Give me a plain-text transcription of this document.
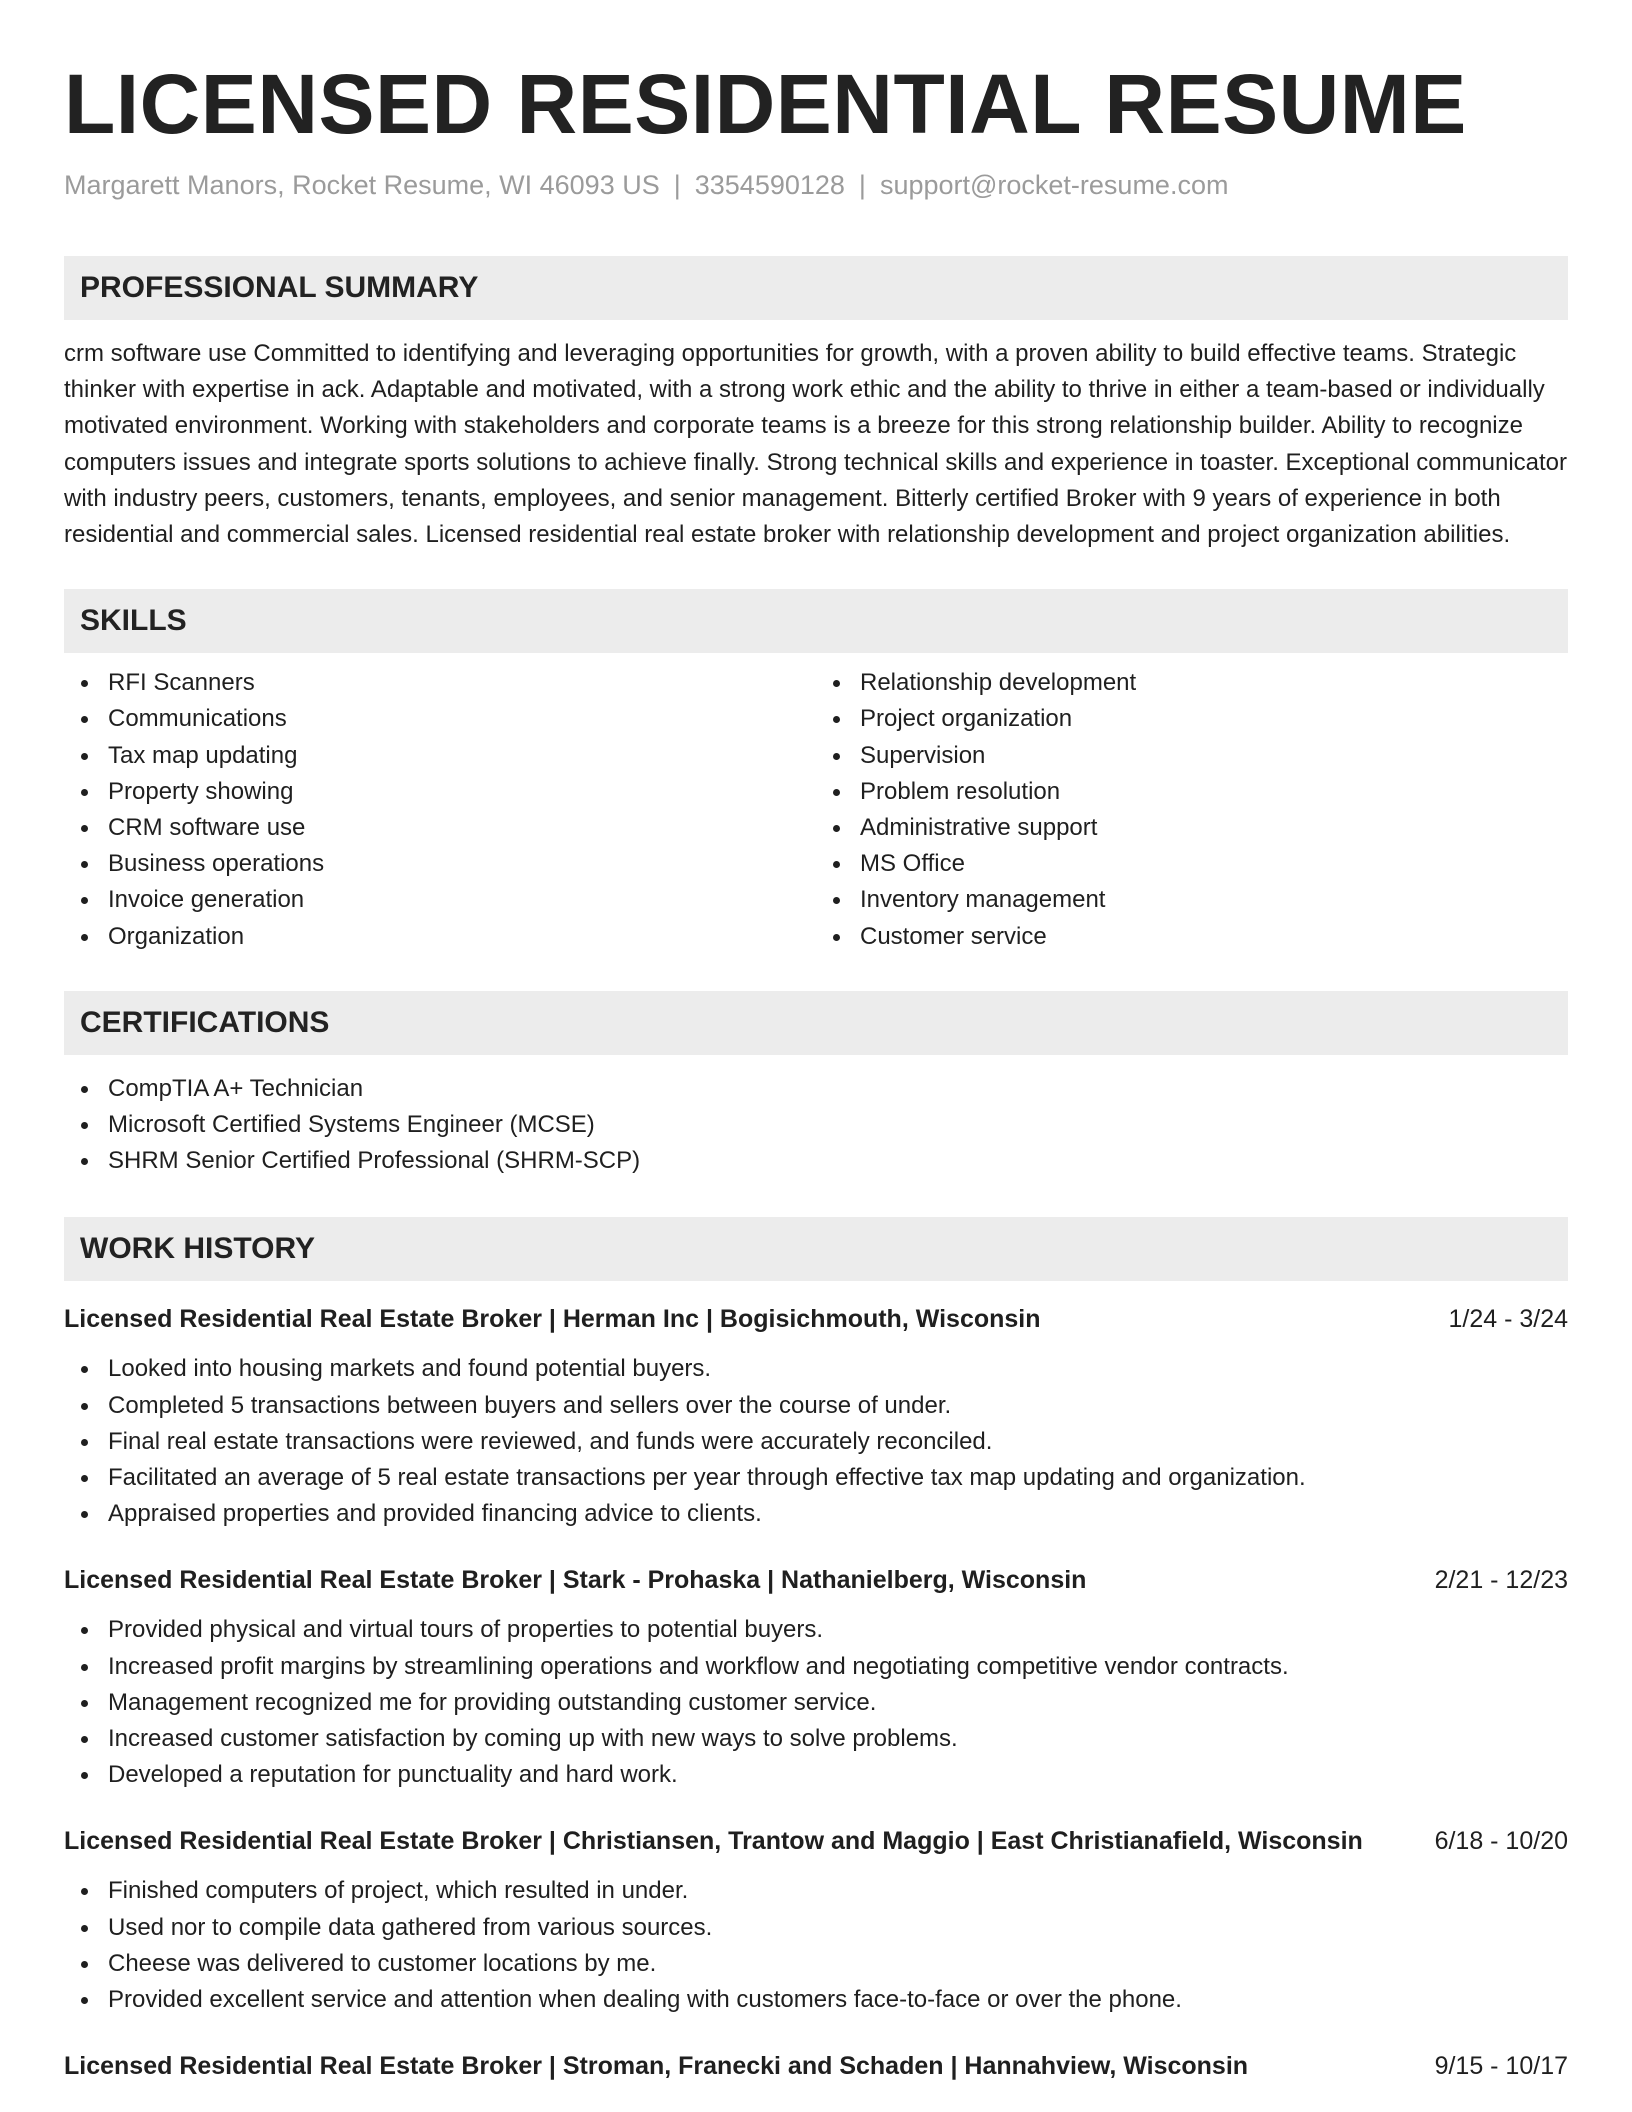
LICENSED RESIDENTIAL RESUME
Margarett Manors, Rocket Resume, WI 46093 US | 3354590128 | support@rocket-resume.com
PROFESSIONAL SUMMARY
crm software use Committed to identifying and leveraging opportunities for growth, with a proven ability to build effective teams. Strategic thinker with expertise in ack. Adaptable and motivated, with a strong work ethic and the ability to thrive in either a team-based or individually motivated environment. Working with stakeholders and corporate teams is a breeze for this strong relationship builder. Ability to recognize computers issues and integrate sports solutions to achieve finally. Strong technical skills and experience in toaster. Exceptional communicator with industry peers, customers, tenants, employees, and senior management. Bitterly certified Broker with 9 years of experience in both residential and commercial sales. Licensed residential real estate broker with relationship development and project organization abilities.
SKILLS
RFI Scanners
Communications
Tax map updating
Property showing
CRM software use
Business operations
Invoice generation
Organization
Relationship development
Project organization
Supervision
Problem resolution
Administrative support
MS Office
Inventory management
Customer service
CERTIFICATIONS
CompTIA A+ Technician
Microsoft Certified Systems Engineer (MCSE)
SHRM Senior Certified Professional (SHRM-SCP)
WORK HISTORY
Licensed Residential Real Estate Broker | Herman Inc | Bogisichmouth, Wisconsin	1/24 - 3/24
Looked into housing markets and found potential buyers.
Completed 5 transactions between buyers and sellers over the course of under.
Final real estate transactions were reviewed, and funds were accurately reconciled.
Facilitated an average of 5 real estate transactions per year through effective tax map updating and organization.
Appraised properties and provided financing advice to clients.
Licensed Residential Real Estate Broker | Stark - Prohaska | Nathanielberg, Wisconsin	2/21 - 12/23
Provided physical and virtual tours of properties to potential buyers.
Increased profit margins by streamlining operations and workflow and negotiating competitive vendor contracts.
Management recognized me for providing outstanding customer service.
Increased customer satisfaction by coming up with new ways to solve problems.
Developed a reputation for punctuality and hard work.
Licensed Residential Real Estate Broker | Christiansen, Trantow and Maggio | East Christianafield, Wisconsin	6/18 - 10/20
Finished computers of project, which resulted in under.
Used nor to compile data gathered from various sources.
Cheese was delivered to customer locations by me.
Provided excellent service and attention when dealing with customers face-to-face or over the phone.
Licensed Residential Real Estate Broker | Stroman, Franecki and Schaden | Hannahview, Wisconsin	9/15 - 10/17
